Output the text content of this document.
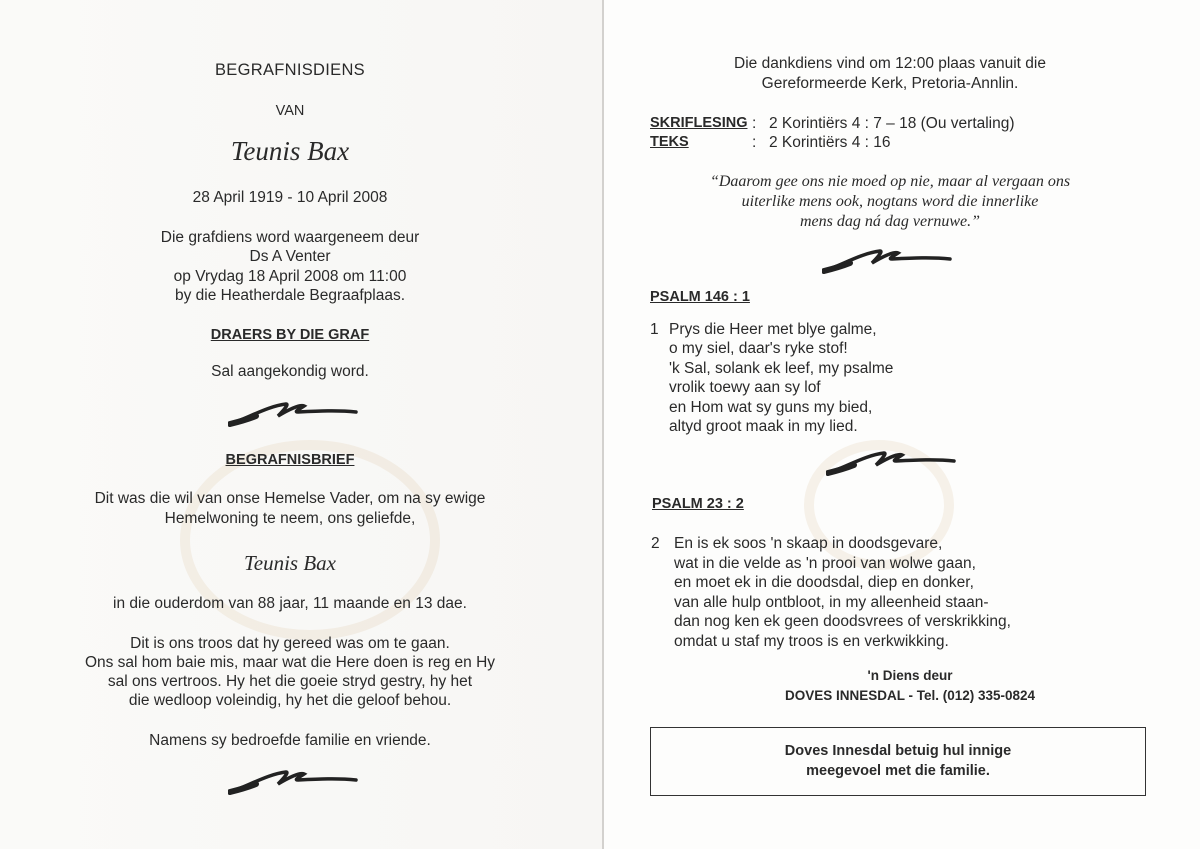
BEGRAFNISDIENS
VAN
Teunis Bax
28 April 1919 - 10 April 2008
Die grafdiens word waargeneem deur
Ds A Venter
op Vrydag 18 April 2008 om 11:00
by die Heatherdale Begraafplaas.
DRAERS BY DIE GRAF
Sal aangekondig word.
BEGRAFNISBRIEF
Dit was die wil van onse Hemelse Vader, om na sy ewige
Hemelwoning te neem, ons geliefde,
Teunis Bax
in die ouderdom van 88 jaar, 11 maande en 13 dae.
Dit is ons troos dat hy gereed was om te gaan.
Ons sal hom baie mis, maar wat die Here doen is reg en Hy
sal ons vertroos. Hy het die goeie stryd gestry, hy het
die wedloop voleindig, hy het die geloof behou.
Namens sy bedroefde familie en vriende.
Die dankdiens vind om 12:00 plaas vanuit die
Gereformeerde Kerk, Pretoria-Annlin.
SKRIFLESING : 2 Korintiërs 4 : 7 – 18 (Ou vertaling)
TEKS	: 2 Korintiërs 4 : 16
“Daarom gee ons nie moed op nie, maar al vergaan ons
uiterlike mens ook, nogtans word die innerlike
mens dag ná dag vernuwe.”
PSALM 146 : 1
1 Prys die Heer met blye galme,
o my siel, daar's ryke stof!
'k Sal, solank ek leef, my psalme
vrolik toewy aan sy lof
en Hom wat sy guns my bied,
altyd groot maak in my lied.
PSALM 23 : 2
2 En is ek soos 'n skaap in doodsgevare,
wat in die velde as 'n prooi van wolwe gaan,
en moet ek in die doodsdal, diep en donker,
van alle hulp ontbloot, in my alleenheid staan-
dan nog ken ek geen doodsvrees of verskrikking,
omdat u staf my troos is en verkwikking.
'n Diens deur
DOVES INNESDAL - Tel. (012) 335-0824
Doves Innesdal betuig hul innige
meegevoel met die familie.
